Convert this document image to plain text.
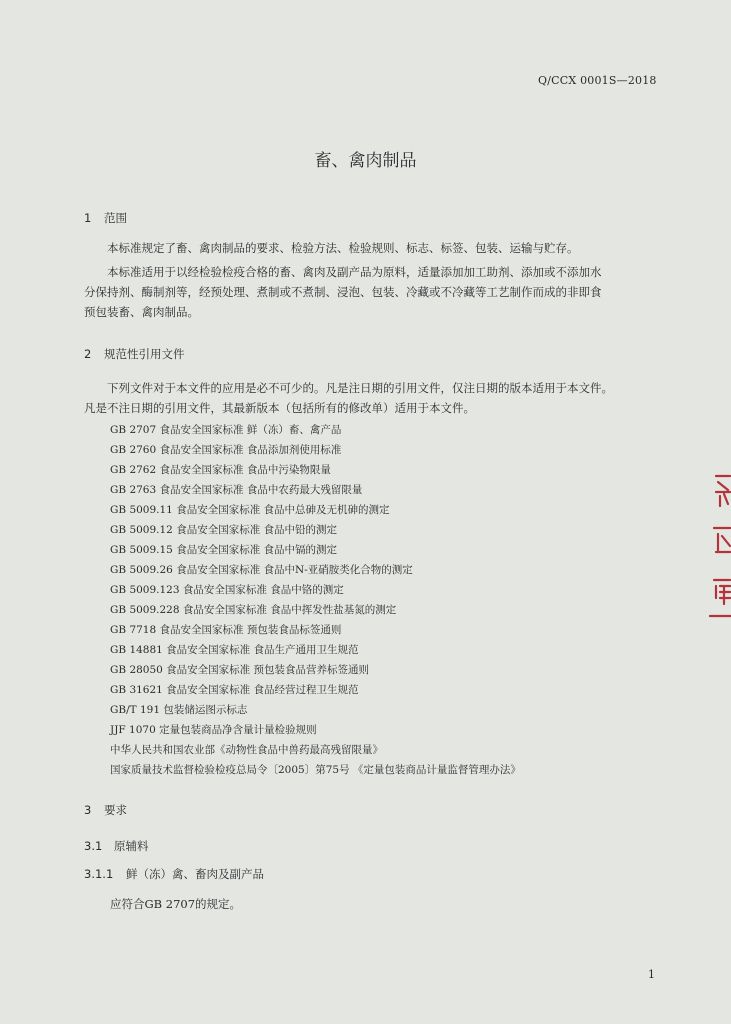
Q/CCX 0001S—2018
畜、禽肉制品
1 范围
本标准规定了畜、禽肉制品的要求、检验方法、检验规则、标志、标签、包装、运输与贮存。
本标准适用于以经检验检疫合格的畜、禽肉及副产品为原料，适量添加加工助剂、添加或不添加水
分保持剂、酶制剂等，经预处理、煮制或不煮制、浸泡、包装、冷藏或不冷藏等工艺制作而成的非即食
预包装畜、禽肉制品。
2 规范性引用文件
下列文件对于本文件的应用是必不可少的。凡是注日期的引用文件，仅注日期的版本适用于本文件。
凡是不注日期的引用文件，其最新版本（包括所有的修改单）适用于本文件。
GB 2707 食品安全国家标准 鲜（冻）畜、禽产品
GB 2760 食品安全国家标准 食品添加剂使用标准
GB 2762 食品安全国家标准 食品中污染物限量
GB 2763 食品安全国家标准 食品中农药最大残留限量
GB 5009.11 食品安全国家标准 食品中总砷及无机砷的测定
GB 5009.12 食品安全国家标准 食品中铅的测定
GB 5009.15 食品安全国家标准 食品中镉的测定
GB 5009.26 食品安全国家标准 食品中N-亚硝胺类化合物的测定
GB 5009.123 食品安全国家标准 食品中铬的测定
GB 5009.228 食品安全国家标准 食品中挥发性盐基氮的测定
GB 7718 食品安全国家标准 预包装食品标签通则
GB 14881 食品安全国家标准 食品生产通用卫生规范
GB 28050 食品安全国家标准 预包装食品营养标签通则
GB 31621 食品安全国家标准 食品经营过程卫生规范
GB/T 191 包装储运图示标志
JJF 1070 定量包装商品净含量计量检验规则
中华人民共和国农业部《动物性食品中兽药最高残留限量》
国家质量技术监督检验检疫总局令〔2005〕第75号 《定量包装商品计量监督管理办法》
3 要求
3.1 原辅料
3.1.1 鲜（冻）禽、畜肉及副产品
应符合GB 2707的规定。
1
